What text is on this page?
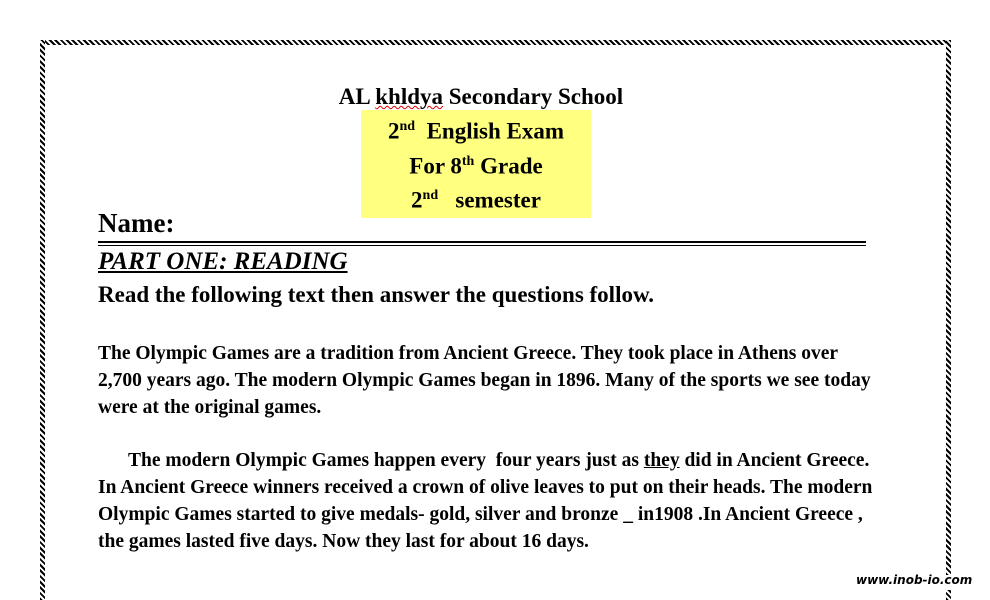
AL khldya Secondary School
2nd  English Exam
For 8th Grade
2nd   semester
Name:
PART ONE: READING
Read the following text then answer the questions follow.
The Olympic Games are a tradition from Ancient Greece. They took place in Athens over 2,700 years ago. The modern Olympic Games began in 1896. Many of the sports we see today were at the original games.
The modern Olympic Games happen every  four years just as they did in Ancient Greece. In Ancient Greece winners received a crown of olive leaves to put on their heads. The modern Olympic Games started to give medals- gold, silver and bronze _ in1908 .In Ancient Greece , the games lasted five days. Now they last for about 16 days.
www.inob-io.com
